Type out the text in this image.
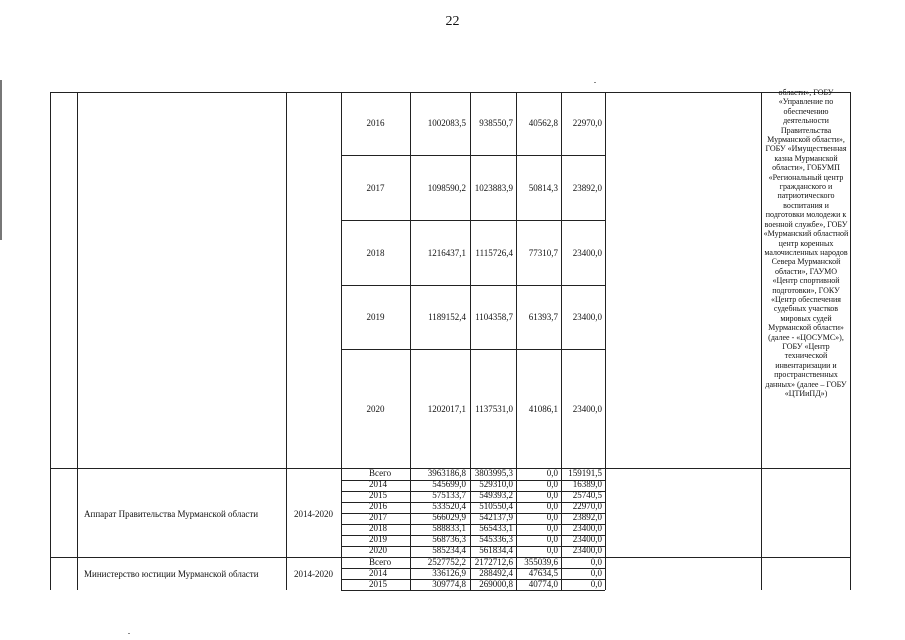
22
2016	1002083,5	938550,7	40562,8	22970,0
2017	1098590,2 1023883,9	50814,3	23892,0
2018	1216437,1	1115726,4	77310,7	23400,0
2019	1189152,4	1104358,7	61393,7	23400,0
2020	1202017,1	1137531,0	41086,1	23400,0
области», ГОБУ «Управление по обеспечению деятельности Правительства Мурманской области», ГОБУ «Имущественная казна Мурманской области», ГОБУМП «Региональный центр гражданского и патриотического воспитания и подготовки молодежи к военной службе», ГОБУ «Мурманский областной центр коренных малочисленных народов Севера Мурманской области», ГАУМО «Центр спортивной подготовки», ГОКУ «Центр обеспечения судебных участков мировых судей Мурманской области» (далее - «ЦОСУМС»), ГОБУ «Центр технической инвентаризации и пространственных данных» (далее – ГОБУ «ЦТИиПД»)
Аппарат Правительства Мурманской области	2014-2020
Всего	3963186,8 3803995,3	0,0	159191,5
2014	545699,0	529310,0	0,0	16389,0
2015	575133,7	549393,2	0,0	25740,5
2016	533520,4	510550,4	0,0	22970,0
2017	566029,9	542137,9	0,0	23892,0
2018	588833,1	565433,1	0,0	23400,0
2019	568736,3	545336,3	0,0	23400,0
2020	585234,4	561834,4	0,0	23400,0
Министерство юстиции Мурманской области	2014-2020
Всего	2527752,2 2172712,6	355039,6	0,0
2014	336126,9	288492,4	47634,5	0,0
2015	309774,8	269000,8	40774,0	0,0
